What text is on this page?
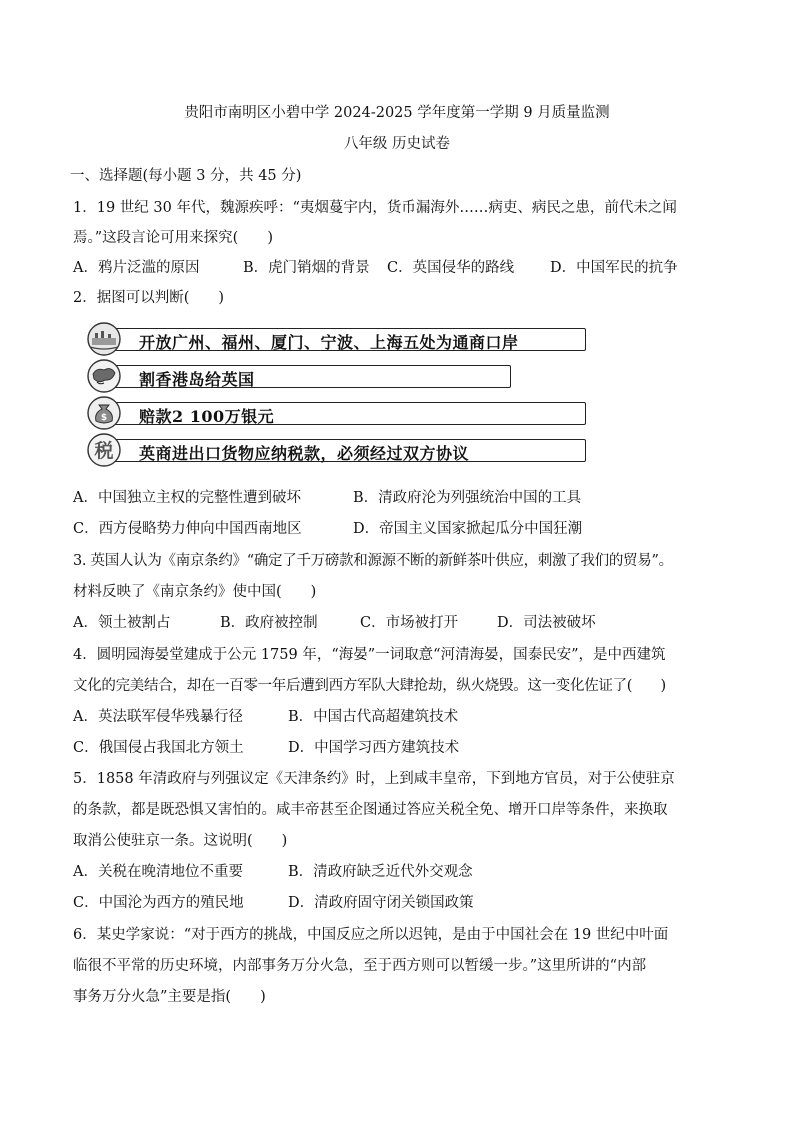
贵阳市南明区小碧中学 2024-2025 学年度第一学期 9 月质量监测
八年级 历史试卷
一、选择题(每小题 3 分，共 45 分)
1．19 世纪 30 年代，魏源疾呼：“夷烟蔓宇内，货币漏海外……病吏、病民之患，前代未之闻
焉。”这段言论可用来探究(　　)
A．鸦片泛滥的原因	B．虎门销烟的背景 C．英国侵华的路线 D．中国军民的抗争
2．据图可以判断(　　)
开放广州、福州、厦门、宁波、上海五处为通商口岸
割香港岛给英国
赔款2 100万银元
$
英商进出口货物应纳税款，必须经过双方协议
税
A．中国独立主权的完整性遭到破坏	B．清政府沦为列强统治中国的工具
C．西方侵略势力伸向中国西南地区	D．帝国主义国家掀起瓜分中国狂潮
3. 英国人认为《南京条约》“确定了千万磅款和源源不断的新鲜茶叶供应，刺激了我们的贸易”。
材料反映了《南京条约》使中国(　　)
A．领土被割占	B．政府被控制	C．市场被打开	D．司法被破坏
4．圆明园海晏堂建成于公元 1759 年，“海晏”一词取意“河清海晏，国泰民安”，是中西建筑
文化的完美结合，却在一百零一年后遭到西方军队大肆抢劫，纵火烧毁。这一变化佐证了(　　)
A．英法联军侵华残暴行径	B．中国古代高超建筑技术
C．俄国侵占我国北方领土	D．中国学习西方建筑技术
5．1858 年清政府与列强议定《天津条约》时，上到咸丰皇帝，下到地方官员，对于公使驻京
的条款，都是既恐惧又害怕的。咸丰帝甚至企图通过答应关税全免、增开口岸等条件，来换取
取消公使驻京一条。这说明(　　)
A．关税在晚清地位不重要	B．清政府缺乏近代外交观念
C．中国沦为西方的殖民地	D．清政府固守闭关锁国政策
6．某史学家说：“对于西方的挑战，中国反应之所以迟钝，是由于中国社会在 19 世纪中叶面
临很不平常的历史环境，内部事务万分火急，至于西方则可以暂缓一步。”这里所讲的“内部
事务万分火急”主要是指(　　)
